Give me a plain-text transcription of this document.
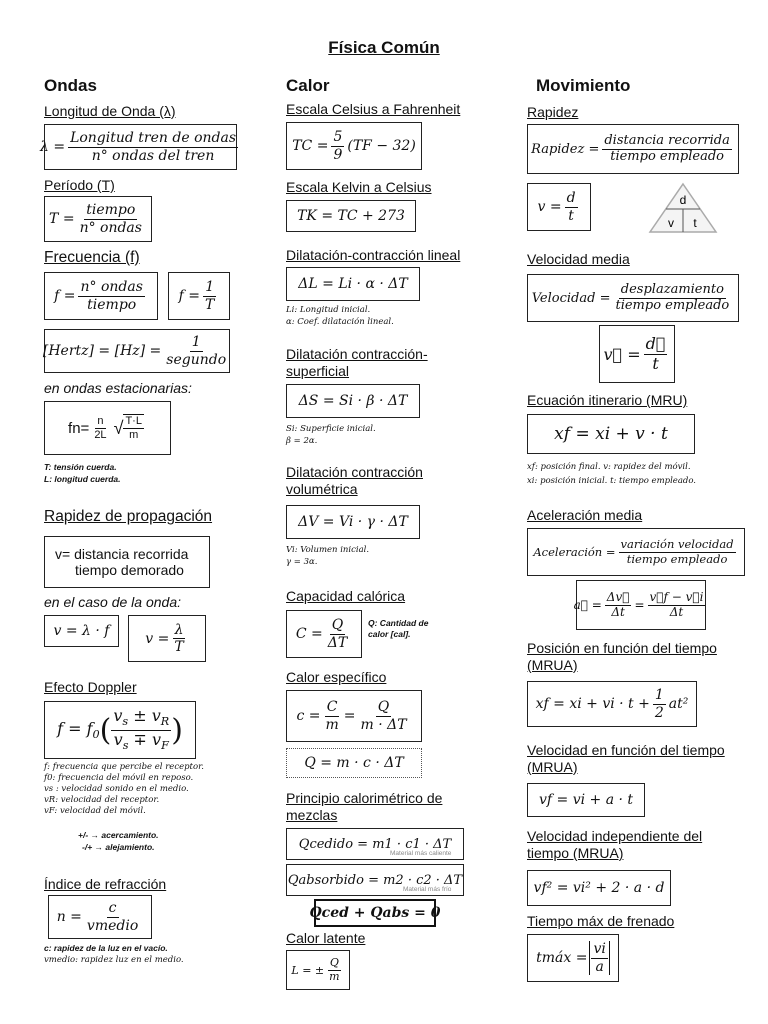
Física Común
Ondas
Longitud de Onda (λ)
$\lambda = \frac{\text{Longitud tren de ondas}}{\text{n° ondas del tren}}$
Período (T)
$T = \frac{\text{tiempo}}{\text{n° ondas}}$
Frecuencia (f)
$f = \frac{\text{n° ondas}}{\text{tiempo}}$ $f = \frac{1}{T}$
[Hertz] = $[Hz] = \frac{1}{\text{segundo}}$
en ondas estacionarias:
$fn= \frac{n}{2L}$ √ $\frac{T\cdot L}{m}$
T: tensión cuerda.
L: longitud cuerda.
Rapidez de propagación
v= distancia recorrida
tiempo demorado
en el caso de la onda:
v = λ · f	$v = \frac{\lambda}{T}$
Efecto Doppler
$f = f_0$ ( $\frac{v_s \pm v_R}{v_s \mp v_F}$ )
f: frecuencia que percibe el receptor.
f0: frecuencia del móvil en reposo.
vs : velocidad sonido en el medio.
vR: velocidad del receptor.
vF: velocidad del móvil.
+/- → acercamiento.
-/+ → alejamiento.
Índice de refracción
$n = \frac{c}{\text{vmedio}}$
c: rapidez de la luz en el vacío.
vmedio: rapidez luz en el medio.
Calor
Escala Celsius a Fahrenheit
TC = $\frac{5}{9} (TF - 32)$
Escala Kelvin a Celsius
TK = TC + 273
Dilatación-contracción lineal
ΔL = Li · α · ΔT
Li: Longitud inicial.
α: Coef. dilatación lineal.
Dilatación contracción-superficial
ΔS = Si · β · ΔT
Si: Superficie inicial.
β = 2α.
Dilatación contracción volumétrica
ΔV = Vi · γ · ΔT
Vi: Volumen inicial.
γ = 3α.
Capacidad calórica
$C = \frac{Q}{\Delta T} Q$: Cantidad de calor [cal].
Calor específico
$c = \frac{C}{m} = \frac{Q}{m \cdot \Delta T}$
Q = m · c · ΔT
Principio calorimétrico de mezclas
Qcedido = m1 · c1 · ΔT
Material más caliente
Qabsorbido = m2 · c2 · ΔT
Material más frío
Qced + Qabs = 0
Calor latente
L = ± $\frac{Q}{m}$
Movimiento
Rapidez
Rapidez = $\frac{\text{distancia recorrida}}{\text{tiempo empleado}}$
$v = \frac{d}{t}$	d
v t
Velocidad media
Velocidad = $\frac{\text{desplazamiento}}{\text{tiempo empleado}}$
v⃗ = $\frac{d⃗}{t}$
Ecuación itinerario (MRU)
xf = xi + v · t
xf: posición final. v: rapidez del móvil.
xi: posición inicial. t: tiempo empleado.
Aceleración media
Aceleración = $\frac{\text{variación velocidad}}{\text{tiempo empleado}}$
a⃗ = $\frac{\Delta v⃗}{\Delta t} = \frac{v⃗f - v⃗i}{\Delta t}$
Posición en función del tiempo (MRUA)
xf = xi + vi · $t + \frac{1}{2} at^2$
Velocidad en función del tiempo (MRUA)
vf = vi + a · t
Velocidad independiente del tiempo (MRUA)
vf² = vi² + 2 · a · d
Tiempo máx de frenado
tmáx = $\frac{vi}{a}$
